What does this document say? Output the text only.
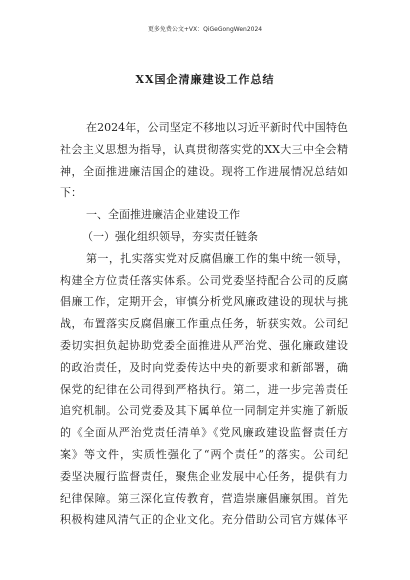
更多免费公文+VX：QiGeGongWen2024
XX国企清廉建设工作总结
在2024年，公司坚定不移地以习近平新时代中国特色
社会主义思想为指导，认真贯彻落实党的XX大三中全会精
神，全面推进廉洁国企的建设。现将工作进展情况总结如
下：
一、全面推进廉洁企业建设工作
（一）强化组织领导，夯实责任链条
第一，扎实落实党对反腐倡廉工作的集中统一领导，
构建全方位责任落实体系。公司党委坚持配合公司的反腐
倡廉工作，定期开会，审慎分析党风廉政建设的现状与挑
战，布置落实反腐倡廉工作重点任务，斩获实效。公司纪
委切实担负起协助党委全面推进从严治党、强化廉政建设
的政治责任，及时向党委传达中央的新要求和新部署，确
保党的纪律在公司得到严格执行。第二，进一步完善责任
追究机制。公司党委及其下属单位一同制定并实施了新版
的《全面从严治党责任清单》《党风廉政建设监督责任方
案》等文件，实质性强化了“两个责任”的落实。公司纪
委坚决履行监督责任，聚焦企业发展中心任务，提供有力
纪律保障。第三深化宣传教育，营造崇廉倡廉氛围。首先
积极构建风清气正的企业文化。充分借助公司官方媒体平
